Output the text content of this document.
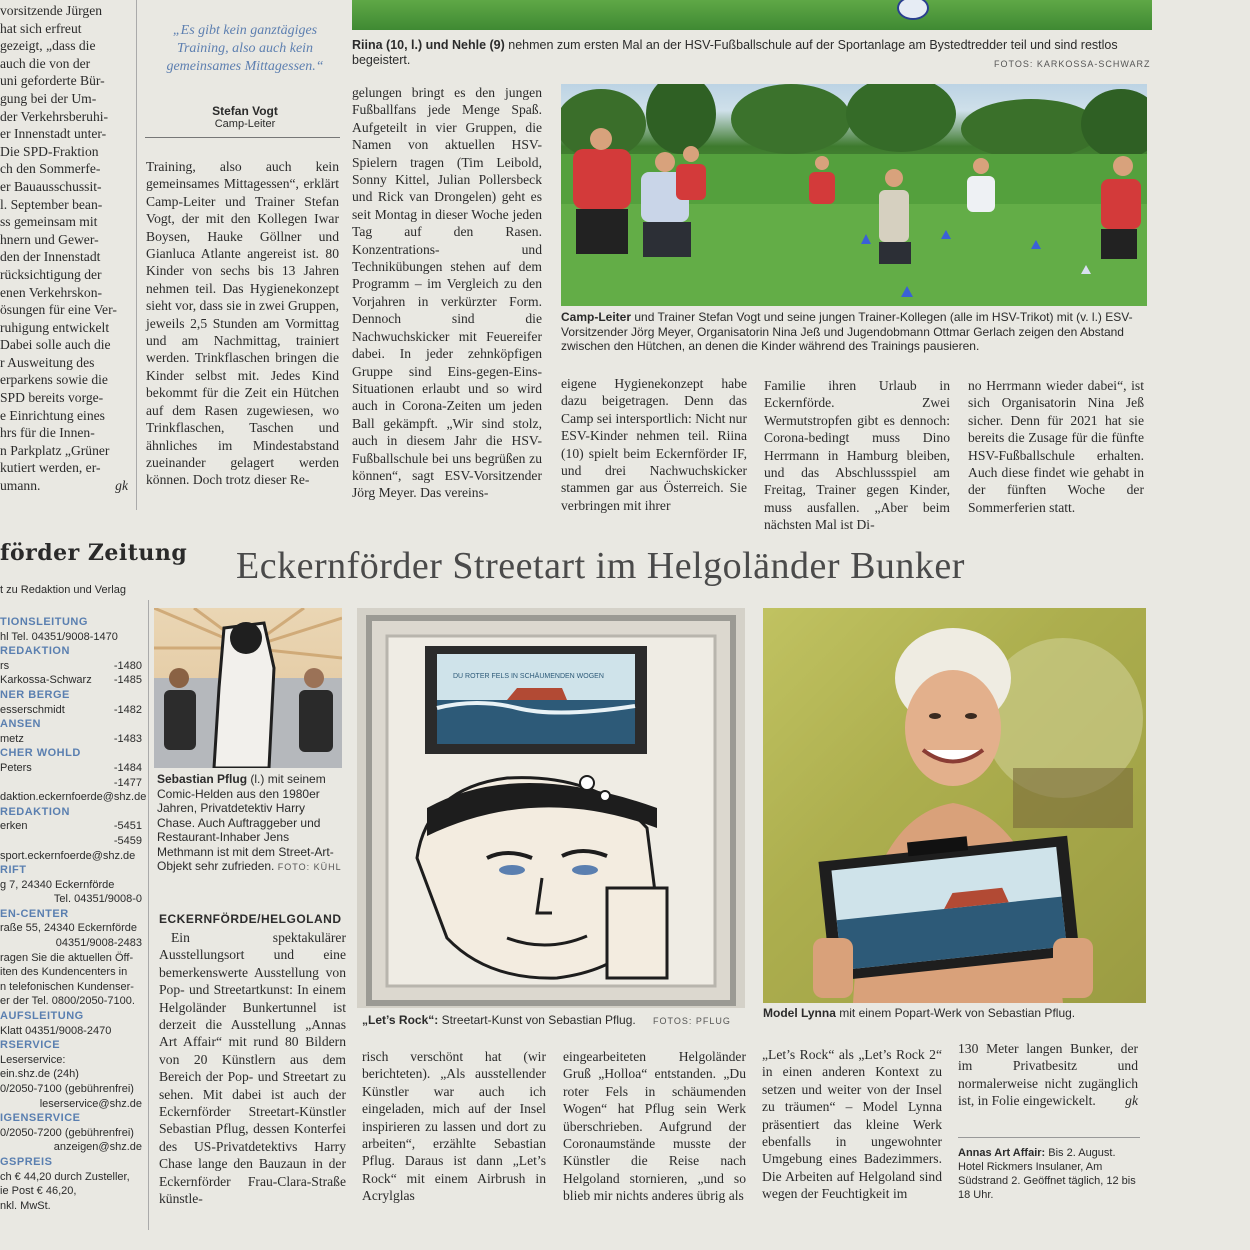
vorsitzende Jürgen
hat sich erfreut
gezeigt, „dass die
auch die von der
uni geforderte Bür-
gung bei der Um-
der Verkehrsberuhi-
er Innenstadt unter-
Die SPD-Fraktion
ch den Sommerfe-
er Bauausschussit-
l. September bean-
ss gemeinsam mit
hnern und Gewer-
den der Innenstadt
rücksichtigung der
enen Verkehrskon-
ösungen für eine Ver-
ruhigung entwickelt
Dabei solle auch die
r Ausweitung des
erparkens sowie die
SPD bereits vorge-
e Einrichtung eines
hrs für die Innen-
n Parkplatz „Grüner
kutiert werden, er-
umann.	gk
„Es gibt kein ganztägiges Training, also auch kein gemeinsames Mittagessen.“
Stefan Vogt
Camp-Leiter
Riina (10, l.) und Nehle (9) nehmen zum ersten Mal an der HSV-Fußballschule auf der Sportanlage am Bystedtredder teil und sind restlos begeistert.	FOTOS: KARKOSSA-SCHWARZ
Training, also auch kein gemeinsames Mittagessen“, erklärt Camp-Leiter und Trainer Stefan Vogt, der mit den Kollegen Iwar Boysen, Hauke Göllner und Gianluca Atlante angereist ist. 80 Kinder von sechs bis 13 Jahren nehmen teil. Das Hygienekonzept sieht vor, dass sie in zwei Gruppen, jeweils 2,5 Stunden am Vormittag und am Nachmittag, trainiert werden. Trinkflaschen bringen die Kinder selbst mit. Jedes Kind bekommt für die Zeit ein Hütchen auf dem Rasen zugewiesen, wo Trinkflaschen, Taschen und ähnliches im Mindestabstand zueinander gelagert werden können. Doch trotz dieser Re-
gelungen bringt es den jungen Fußballfans jede Menge Spaß. Aufgeteilt in vier Gruppen, die Namen von aktuellen HSV-Spielern tragen (Tim Leibold, Sonny Kittel, Julian Pollersbeck und Rick van Drongelen) geht es seit Montag in dieser Woche jeden Tag auf den Rasen. Konzentrations- und Technikübungen stehen auf dem Programm – im Vergleich zu den Vorjahren in verkürzter Form. Dennoch sind die Nachwuchskicker mit Feuereifer dabei. In jeder zehnköpfigen Gruppe sind Eins-gegen-Eins-Situationen erlaubt und so wird auch in Corona-Zeiten um jeden Ball gekämpft. „Wir sind stolz, auch in diesem Jahr die HSV-Fußballschule bei uns begrüßen zu können“, sagt ESV-Vorsitzender Jörg Meyer. Das vereins-
eigene Hygienekonzept habe dazu beigetragen. Denn das Camp sei intersportlich: Nicht nur ESV-Kinder nehmen teil. Riina (10) spielt beim Eckernförder IF, und drei Nachwuchskicker stammen gar aus Österreich. Sie verbringen mit ihrer
Familie ihren Urlaub in Eckernförde. Zwei Wermutstropfen gibt es dennoch: Corona-bedingt muss Dino Herrmann in Hamburg bleiben, und das Abschlussspiel am Freitag, Trainer gegen Kinder, muss ausfallen. „Aber beim nächsten Mal ist Di-
no Herrmann wieder dabei“, ist sich Organisatorin Nina Jeß sicher. Denn für 2021 hat sie bereits die Zusage für die fünfte HSV-Fußballschule erhalten. Auch diese findet wie gehabt in der fünften Woche der Sommerferien statt.
Camp-Leiter und Trainer Stefan Vogt und seine jungen Trainer-Kollegen (alle im HSV-Trikot) mit (v. l.) ESV-Vorsitzender Jörg Meyer, Organisatorin Nina Jeß und Jugendobmann Ottmar Gerlach zeigen den Abstand zwischen den Hütchen, an denen die Kinder während des Trainings pausieren.
förder Zeitung
t zu Redaktion und Verlag
TIONSLEITUNG
hl Tel. 04351/9008-1470
REDAKTION
rs	-1480
Karkossa-Schwarz -1485
NER BERGE
esserschmidt	-1482
ANSEN
metz	-1483
CHER WOHLD
Peters	-1484
-1477
daktion.eckernfoerde@shz.de
REDAKTION
erken	-5451
-5459
sport.eckernfoerde@shz.de
RIFT
g 7, 24340 Eckernförde
Tel. 04351/9008-0
EN-CENTER
raße 55, 24340 Eckernförde
04351/9008-2483
ragen Sie die aktuellen Öff-
iten des Kundencenters in
n telefonischen Kundenser-
er der Tel. 0800/2050-7100.
AUFSLEITUNG
Klatt 04351/9008-2470
RSERVICE
Leserservice:
ein.shz.de (24h)
0/2050-7100 (gebührenfrei)
leserservice@shz.de
IGENSERVICE
0/2050-7200 (gebührenfrei)
anzeigen@shz.de
GSPREIS
ch € 44,20 durch Zusteller,
ie Post € 46,20,
nkl. MwSt.
Eckernförder Streetart im Helgoländer Bunker
Sebastian Pflug (l.) mit seinem Comic-Helden aus den 1980er Jahren, Privatdetektiv Harry Chase. Auch Auftraggeber und Restaurant-Inhaber Jens Methmann ist mit dem Street-Art-Objekt sehr zufrieden. FOTO: KÜHL
DU ROTER FELS IN SCHÄUMENDEN WOGEN
„Let’s Rock“: Streetart-Kunst von Sebastian Pflug. FOTOS: PFLUG
Model Lynna mit einem Popart-Werk von Sebastian Pflug.
ECKERNFÖRDE/HELGOLAND
Ein spektakulärer Ausstellungsort und eine bemerkenswerte Ausstellung von Pop- und Streetartkunst: In einem Helgoländer Bunkertunnel ist derzeit die Ausstellung „Annas Art Affair“ mit rund 80 Bildern von 20 Künstlern aus dem Bereich der Pop- und Streetart zu sehen. Mit dabei ist auch der Eckernförder Streetart-Künstler Sebastian Pflug, dessen Konterfei des US-Privatdetektivs Harry Chase lange den Bauzaun in der Eckernförder Frau-Clara-Straße künstle-
risch verschönt hat (wir berichteten). „Als ausstellender Künstler war auch ich eingeladen, mich auf der Insel inspirieren zu lassen und dort zu arbeiten“, erzählte Sebastian Pflug. Daraus ist dann „Let’s Rock“ mit einem Airbrush in Acrylglas
eingearbeiteten Helgoländer Gruß „Holloa“ entstanden. „Du roter Fels in schäumenden Wogen“ hat Pflug sein Werk überschrieben. Aufgrund der Coronaumstände musste der Künstler die Reise nach Helgoland stornieren, „und so blieb mir nichts anderes übrig als
„Let’s Rock“ als „Let’s Rock 2“ in einen anderen Kontext zu setzen und weiter von der Insel zu träumen“ – Model Lynna präsentiert das kleine Werk ebenfalls in ungewohnter Umgebung eines Badezimmers. Die Arbeiten auf Helgoland sind wegen der Feuchtigkeit im
130 Meter langen Bunker, der im Privatbesitz und normalerweise nicht zugänglich ist, in Folie eingewickelt. gk
Annas Art Affair: Bis 2. August. Hotel Rickmers Insulaner, Am Südstrand 2. Geöffnet täglich, 12 bis 18 Uhr.
